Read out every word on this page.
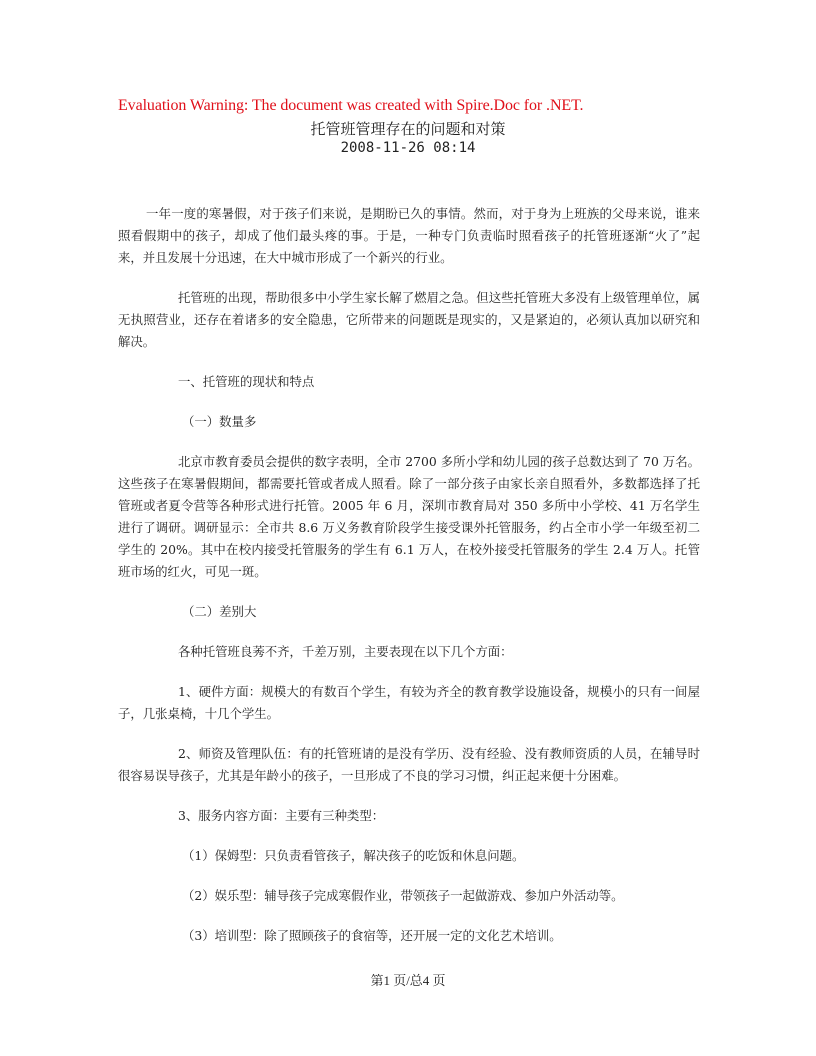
Evaluation Warning: The document was created with Spire.Doc for .NET.
托管班管理存在的问题和对策
2008-11-26 08:14

一年一度的寒暑假，对于孩子们来说，是期盼已久的事情。然而，对于身为上班族的父母来说，谁来照看假期中的孩子，却成了他们最头疼的事。于是，一种专门负责临时照看孩子的托管班逐渐“火了”起来，并且发展十分迅速，在大中城市形成了一个新兴的行业。

托管班的出现，帮助很多中小学生家长解了燃眉之急。但这些托管班大多没有上级管理单位，属无执照营业，还存在着诸多的安全隐患，它所带来的问题既是现实的，又是紧迫的，必须认真加以研究和解决。

一、托管班的现状和特点

（一）数量多

北京市教育委员会提供的数字表明，全市 2700 多所小学和幼儿园的孩子总数达到了 70 万名。这些孩子在寒暑假期间，都需要托管或者成人照看。除了一部分孩子由家长亲自照看外，多数都选择了托管班或者夏令营等各种形式进行托管。2005 年 6 月，深圳市教育局对 350 多所中小学校、41 万名学生进行了调研。调研显示：全市共 8.6 万义务教育阶段学生接受课外托管服务，约占全市小学一年级至初二学生的 20%。其中在校内接受托管服务的学生有 6.1 万人，在校外接受托管服务的学生 2.4 万人。托管班市场的红火，可见一斑。

（二）差别大

各种托管班良莠不齐，千差万别，主要表现在以下几个方面：

1、硬件方面：规模大的有数百个学生，有较为齐全的教育教学设施设备，规模小的只有一间屋子，几张桌椅，十几个学生。

2、师资及管理队伍：有的托管班请的是没有学历、没有经验、没有教师资质的人员，在辅导时很容易误导孩子，尤其是年龄小的孩子，一旦形成了不良的学习习惯，纠正起来便十分困难。

3、服务内容方面：主要有三种类型：

（1）保姆型：只负责看管孩子，解决孩子的吃饭和休息问题。

（2）娱乐型：辅导孩子完成寒假作业，带领孩子一起做游戏、参加户外活动等。

（3）培训型：除了照顾孩子的食宿等，还开展一定的文化艺术培训。

第1 页/总4 页
